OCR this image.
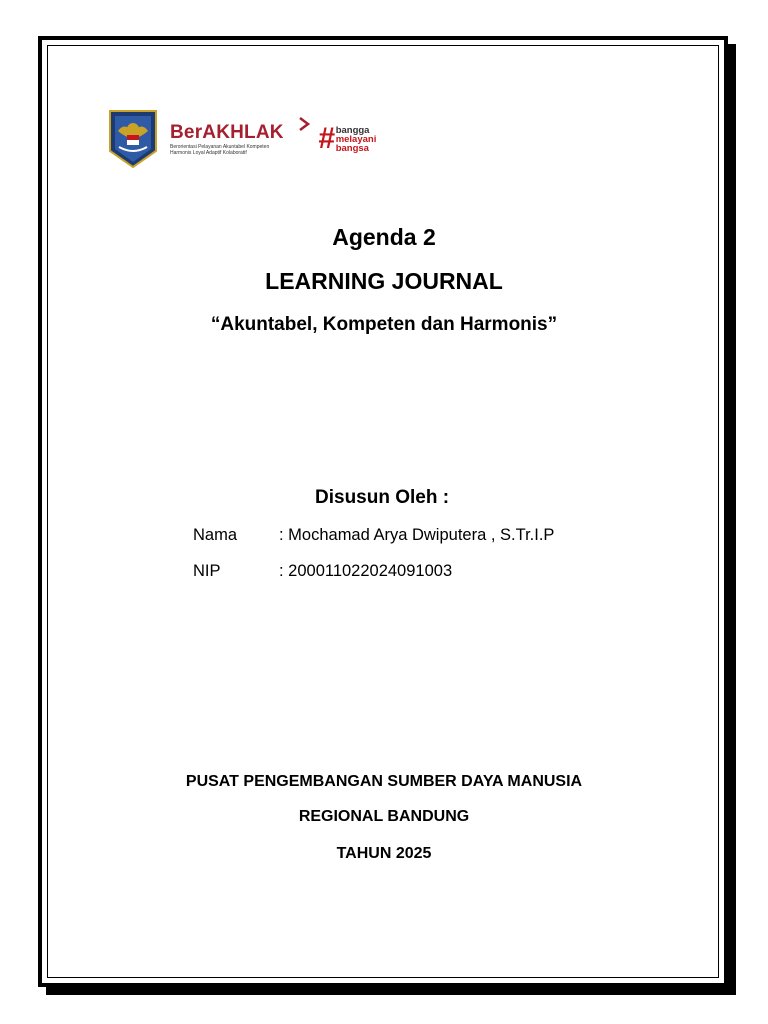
BerAKHLAK
Berorientasi Pelayanan Akuntabel Kompeten
Harmonis Loyal Adaptif Kolaboratif	# bangga
melayani
bangsa
Agenda 2
LEARNING JOURNAL
“Akuntabel, Kompeten dan Harmonis”
Disusun Oleh :
Nama	: Mochamad Arya Dwiputera , S.Tr.I.P
NIP	: 200011022024091003
PUSAT PENGEMBANGAN SUMBER DAYA MANUSIA
REGIONAL BANDUNG
TAHUN 2025
